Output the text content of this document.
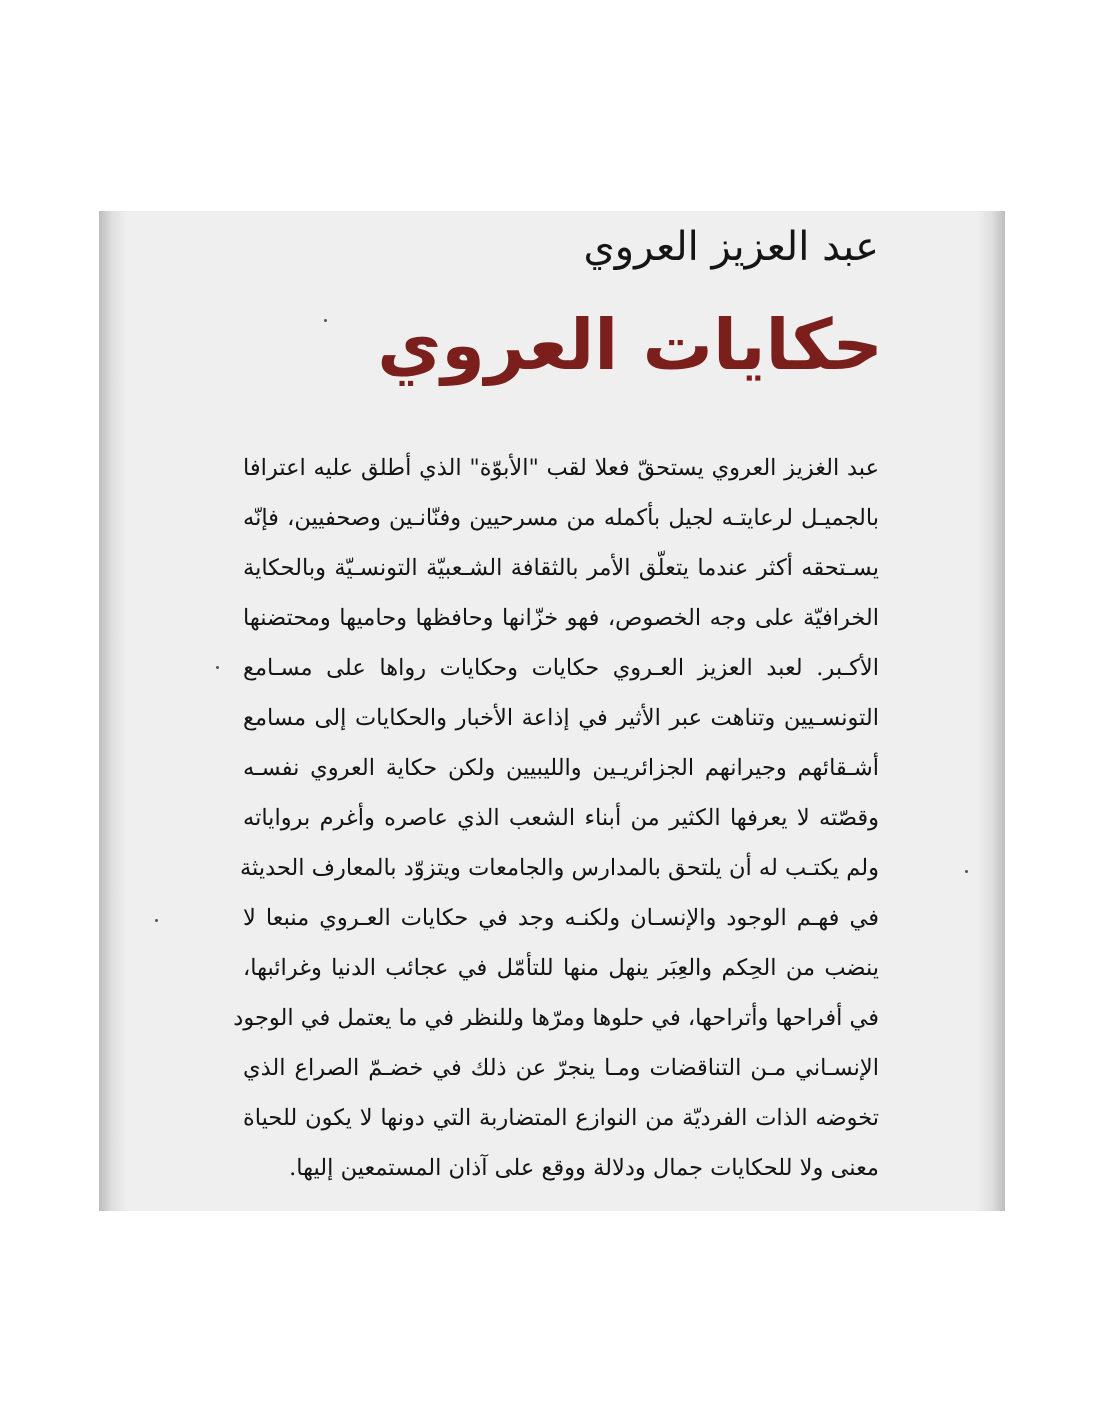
عبد العزيز العروي
حكايات العروي
عبد الغزيز العروي يستحقّ فعلا لقب "الأبوّة" الذي أطلق عليه اعترافا
بالجميـل لرعايتـه لجيل بأكمله من مسرحيين وفنّانـين وصحفيين، فإنّه
يسـتحقه أكثر عندما يتعلّق الأمر بالثقافة الشـعبيّة التونسـيّة وبالحكاية
الخرافيّة على وجه الخصوص، فهو خزّانها وحافظها وحاميها ومحتضنها
الأكـبر. لعبد العزيز العـروي حكايات وحكايات رواها على مسـامع
التونسـيين وتناهت عبر الأثير في إذاعة الأخبار والحكايات إلى مسامع
أشـقائهم وجيرانهم الجزائريـين والليبيين ولكن حكاية العروي نفسـه
وقصّته لا يعرفها الكثير من أبناء الشعب الذي عاصره وأغرم برواياته
ولم يكتـب له أن يلتحق بالمدارس والجامعات ويتزوّد بالمعارف الحديثة
في فهـم الوجود والإنسـان ولكنـه وجد في حكايات العـروي منبعا لا
ينضب من الحِكم والعِبَر ينهل منها للتأمّل في عجائب الدنيا وغرائبها،
في أفراحها وأتراحها، في حلوها ومرّها وللنظر في ما يعتمل في الوجود
الإنسـاني مـن التناقضات ومـا ينجرّ عن ذلك في خضـمّ الصراع الذي
تخوضه الذات الفرديّة من النوازع المتضاربة التي دونها لا يكون للحياة
معنى ولا للحكايات جمال ودلالة ووقع على آذان المستمعين إليها.
